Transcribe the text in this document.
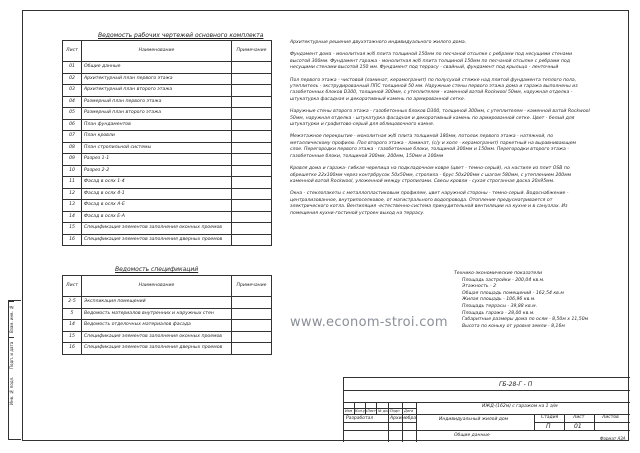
Взам. инв. №
Подп. и дата
Инв. № подл.
Ведомость рабочих чертежей основного комплекта
Лист	Наименование	Примечание
01	Общие данные	
02	Архитектурный план первого этажа	
03	Архитектурный план второго этажа	
04	Размерный план первого этажа	
05	Размерный план второго этажа	
06	План фундаментов	
07	План кровли	
08	План стропильной системы	
09	Разрез 1-1	
10	Разрез 2-2	
11	Фасад в осях 1-4	
12	Фасад в осях 4-1	
13	Фасад в осях А-Е	
14	Фасад в осях Е-А	
15	Спецификация элементов заполнения оконных проемов	
16	Спецификация элементов заполнения дверных проемов	
Ведомость спецификаций
Лист	Наименование	Примечание
2-5	Экспликация помещений	
5	Ведомость материалов внутренних и наружных стен	
14	Ведомость отделочных материалов фасада	
15	Спецификация элементов заполнения оконных проемов	
16	Спецификация элементов заполнения дверных проемов	

Архитектурные решения двухэтажного индивидуального жилого дома.

Фундамент дома - монолитная ж/б плита толщиной 150мм по песчаной отсыпке с ребрами под несущими стенами высотой 300мм. Фундамент гаража - монолитная ж/б плита толщиной 150мм по песчаной отсыпке с ребрами под несущими стенами высотой 150 мм. Фундамент под террасу - свайный, фундамент под крыльцо - ленточный

Пол первого этажа - чистовой (ламинат, керамогранит) по полусухой стяжке над плитой фундамента теплого пола, утеплитель - экструдированный ППС толщиной 50 мм. Наружные стены первого этажа дома и гаража выполнены из газобетонных блоков D300, толщиной 300мм, с утеплителем - каменной ватой Rockwool 50мм, наружная отделка - штукатурка фасадная и декоративный камень по армированной сетке.

Наружные стены второго этажа - газобетонных блоков D300, толщиной 300мм, с утеплителем - каменной ватой Rockwool 50мм, наружная отделка - штукатурка фасадная и декоративный камень по армированной сетке. Цвет - белый для штукатурки и графитово-серый для облицовочного камня.

Межэтажное перекрытие - монолитная ж/б плита толщиной 180мм, потолок первого этажа - натяжной, по металлическому профилю. Пол второго этажа - ламинат, (с/у и холл - керамогранит) паркетный на выравнивающем слое. Перегородки первого этажа - газобетонные блоки, толщиной 300мм и 150мм. Перегородки второго этажа - газобетонные блоки, толщиной 300мм, 200мм, 150мм и 100мм

Кровля дома и гаража- гибкая черепица на подкладочном ковре (цвет - темно-серый), на настиле из плит OSB по обрешетке 22х100мм через контрбрусок 50х50мм, стропила - брус 50х200мм с шагом 580мм, с утеплением 200мм каменной ватой Rockwool, уложенной между стропилами. Свесы кровли - сухая строганная доска 20х95мм.

Окна - стеклопакеты с металлопластиковым профилем, цвет наружной стороны - темно-серый. Водоснабжение - централизованное, внутрипоселковое, от магистрального водопровода. Отопление предусматривается от электрического котла. Вентиляция -естественно-система принудительной вентиляции на кухне и в санузлах. Из помещения кухни-гостиной устроен выход на террасу.

Технико-экономические показатели
Площадь застройки - 200,04 кв.м.
Этажность - 2
Общая площадь помещений - 162,54 кв.м
Жилая площадь - 106,96 кв.м.
Площадь террасы - 39,88 кв.м.
Площадь гаража - 28,00 кв.м.
Габаритные размеры дома по осям - 8,50м х 11,50м
Высота по коньку от уровня земли - 8,16м
www.econom-stroi.com
ГБ-28-Г - П
ИЖД-(162м) с гаражом на 1 а/м
Изм Кол.уч Лист № док Подп Дата
Разработал	Архимебра	Индивидуальный жилой дом
Общие данные
Стадия	Лист	Листов
П	01
Формат А3А
